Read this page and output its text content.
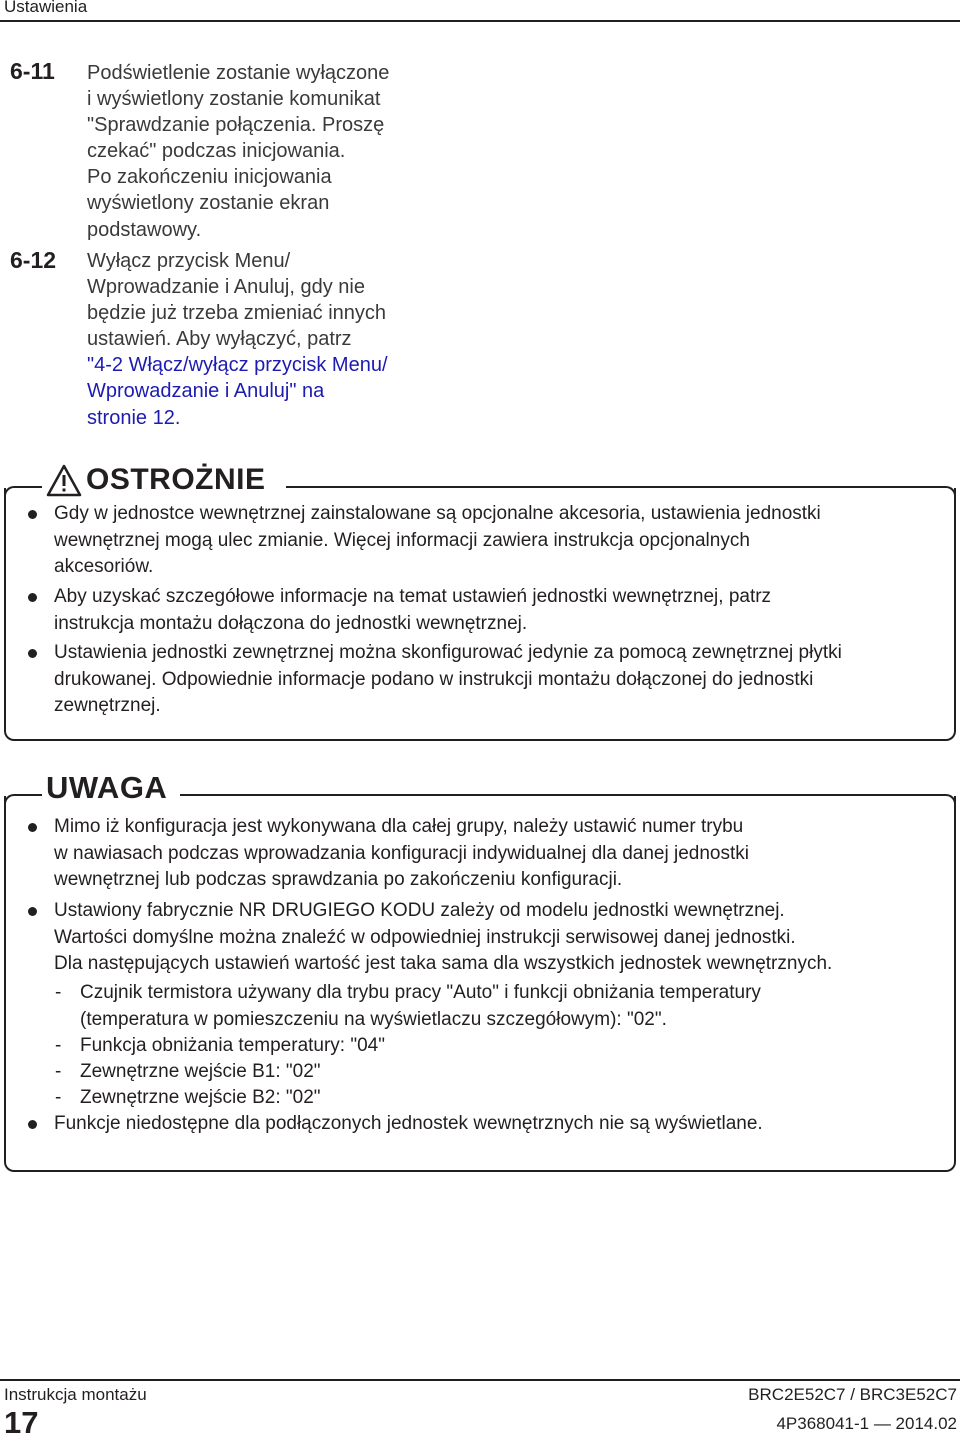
Ustawienia
6-11 Podświetlenie zostanie wyłączone
i wyświetlony zostanie komunikat
"Sprawdzanie połączenia. Proszę
czekać" podczas inicjowania.
Po zakończeniu inicjowania
wyświetlony zostanie ekran
podstawowy.
6-12 Wyłącz przycisk Menu/
Wprowadzanie i Anuluj, gdy nie
będzie już trzeba zmieniać innych
ustawień. Aby wyłączyć, patrz
"4-2 Włącz/wyłącz przycisk Menu/
Wprowadzanie i Anuluj" na
stronie 12.
OSTROŻNIE
Gdy w jednostce wewnętrznej zainstalowane są opcjonalne akcesoria, ustawienia jednostki
wewnętrznej mogą ulec zmianie. Więcej informacji zawiera instrukcja opcjonalnych
akcesoriów.
Aby uzyskać szczegółowe informacje na temat ustawień jednostki wewnętrznej, patrz
instrukcja montażu dołączona do jednostki wewnętrznej.
Ustawienia jednostki zewnętrznej można skonfigurować jedynie za pomocą zewnętrznej płytki
drukowanej. Odpowiednie informacje podano w instrukcji montażu dołączonej do jednostki
zewnętrznej.
UWAGA
Mimo iż konfiguracja jest wykonywana dla całej grupy, należy ustawić numer trybu
w nawiasach podczas wprowadzania konfiguracji indywidualnej dla danej jednostki
wewnętrznej lub podczas sprawdzania po zakończeniu konfiguracji.
Ustawiony fabrycznie NR DRUGIEGO KODU zależy od modelu jednostki wewnętrznej.
Wartości domyślne można znaleźć w odpowiedniej instrukcji serwisowej danej jednostki.
Dla następujących ustawień wartość jest taka sama dla wszystkich jednostek wewnętrznych.
- Czujnik termistora używany dla trybu pracy "Auto" i funkcji obniżania temperatury
(temperatura w pomieszczeniu na wyświetlaczu szczegółowym): "02".
- Funkcja obniżania temperatury: "04"
- Zewnętrzne wejście B1: "02"
- Zewnętrzne wejście B2: "02"
Funkcje niedostępne dla podłączonych jednostek wewnętrznych nie są wyświetlane.
Instrukcja montażu
17
BRC2E52C7 / BRC3E52C7
4P368041-1 — 2014.02
